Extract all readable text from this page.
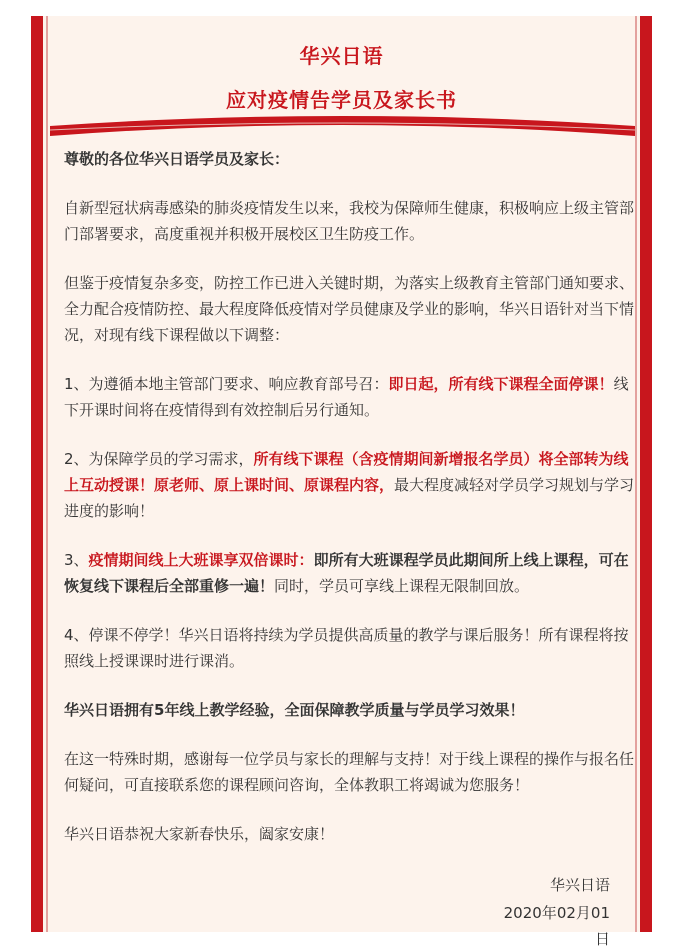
华兴日语
应对疫情告学员及家长书

尊敬的各位华兴日语学员及家长：

自新型冠状病毒感染的肺炎疫情发生以来，我校为保障师生健康，积极响应上级主管部门部署要求，高度重视并积极开展校区卫生防疫工作。

但鉴于疫情复杂多变，防控工作已进入关键时期，为落实上级教育主管部门通知要求、全力配合疫情防控、最大程度降低疫情对学员健康及学业的影响，华兴日语针对当下情况，对现有线下课程做以下调整：

1、为遵循本地主管部门要求、响应教育部号召：即日起，所有线下课程全面停课！线下开课时间将在疫情得到有效控制后另行通知。

2、为保障学员的学习需求，所有线下课程（含疫情期间新增报名学员）将全部转为线上互动授课！原老师、原上课时间、原课程内容，最大程度减轻对学员学习规划与学习进度的影响！

3、疫情期间线上大班课享双倍课时：即所有大班课程学员此期间所上线上课程，可在恢复线下课程后全部重修一遍！同时，学员可享线上课程无限制回放。

4、停课不停学！华兴日语将持续为学员提供高质量的教学与课后服务！所有课程将按照线上授课课时进行课消。

华兴日语拥有5年线上教学经验，全面保障教学质量与学员学习效果！

在这一特殊时期，感谢每一位学员与家长的理解与支持！对于线上课程的操作与报名任何疑问，可直接联系您的课程顾问咨询，全体教职工将竭诚为您服务！

华兴日语恭祝大家新春快乐，阖家安康！

华兴日语
2020年02月01日
